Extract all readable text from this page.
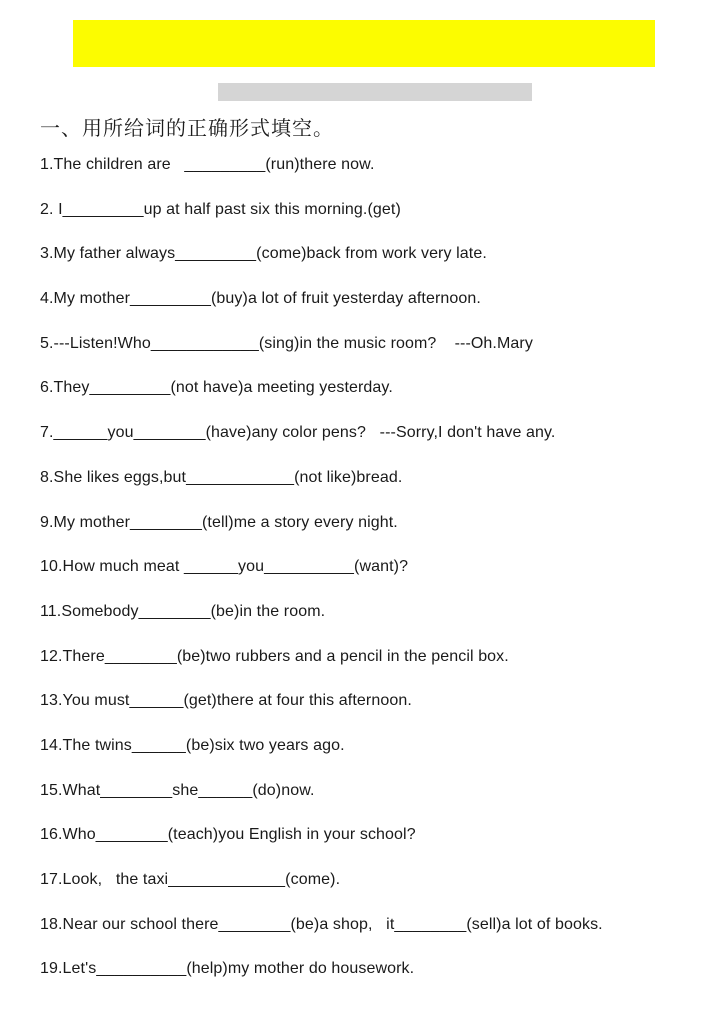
一、用所给词的正确形式填空。
1.The children are   _________(run)there now.
2. I_________up at half past six this morning.(get)
3.My father always_________(come)back from work very late.
4.My mother_________(buy)a lot of fruit yesterday afternoon.
5.---Listen!Who____________(sing)in the music room?    ---Oh.Mary
6.They_________(not have)a meeting yesterday.
7.______you________(have)any color pens?   ---Sorry,I don't have any.
8.She likes eggs,but____________(not like)bread.
9.My mother________(tell)me a story every night.
10.How much meat ______you__________(want)?
11.Somebody________(be)in the room.
12.There________(be)two rubbers and a pencil in the pencil box.
13.You must______(get)there at four this afternoon.
14.The twins______(be)six two years ago.
15.What________she______(do)now.
16.Who________(teach)you English in your school?
17.Look,   the taxi_____________(come).
18.Near our school there________(be)a shop,   it________(sell)a lot of books.
19.Let's__________(help)my mother do housework.
